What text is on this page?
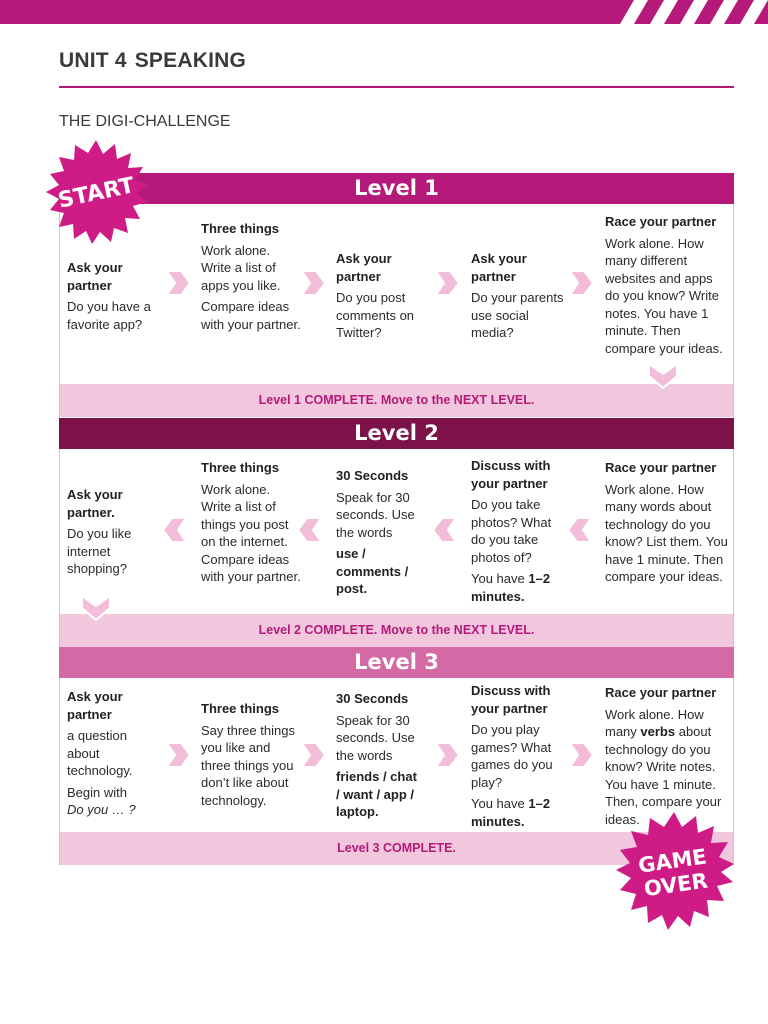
UNIT 4 SPEAKING
THE DIGI-CHALLENGE
Level 1
Level 2
Level 3
Level 1 COMPLETE. Move to the NEXT LEVEL.
Level 2 COMPLETE. Move to the NEXT LEVEL.
Level 3 COMPLETE.

Ask your partner

Do you have a favorite app?

Three things

Work alone. Write a list of apps you like.

Compare ideas with your partner.

Ask your partner

Do you post comments on Twitter?

Ask your partner

Do your parents use social media?

Race your partner

Work alone. How many different websites and apps do you know? Write notes. You have 1 minute. Then compare your ideas.

Ask your partner.

Do you like internet shopping?

Three things

Work alone. Write a list of things you post on the internet. Compare ideas with your partner.

30 Seconds

Speak for 30 seconds. Use the words

use / comments / post.

Discuss with your partner

Do you take photos? What do you take photos of?

You have 1–2 minutes.

Race your partner

Work alone. How many words about technology do you know? List them. You have 1 minute. Then compare your ideas.

Ask your partner

a question about technology.

Begin with

Do you … ?

Three things

Say three things you like and three things you don’t like about technology.

30 Seconds

Speak for 30 seconds. Use the words

friends / chat / want / app / laptop.

Discuss with your partner

Do you play games? What games do you play?

You have 1–2 minutes.

Race your partner

Work alone. How many verbs about technology do you know? Write notes. You have 1 minute. Then, compare your ideas.

START
GAME
OVER
